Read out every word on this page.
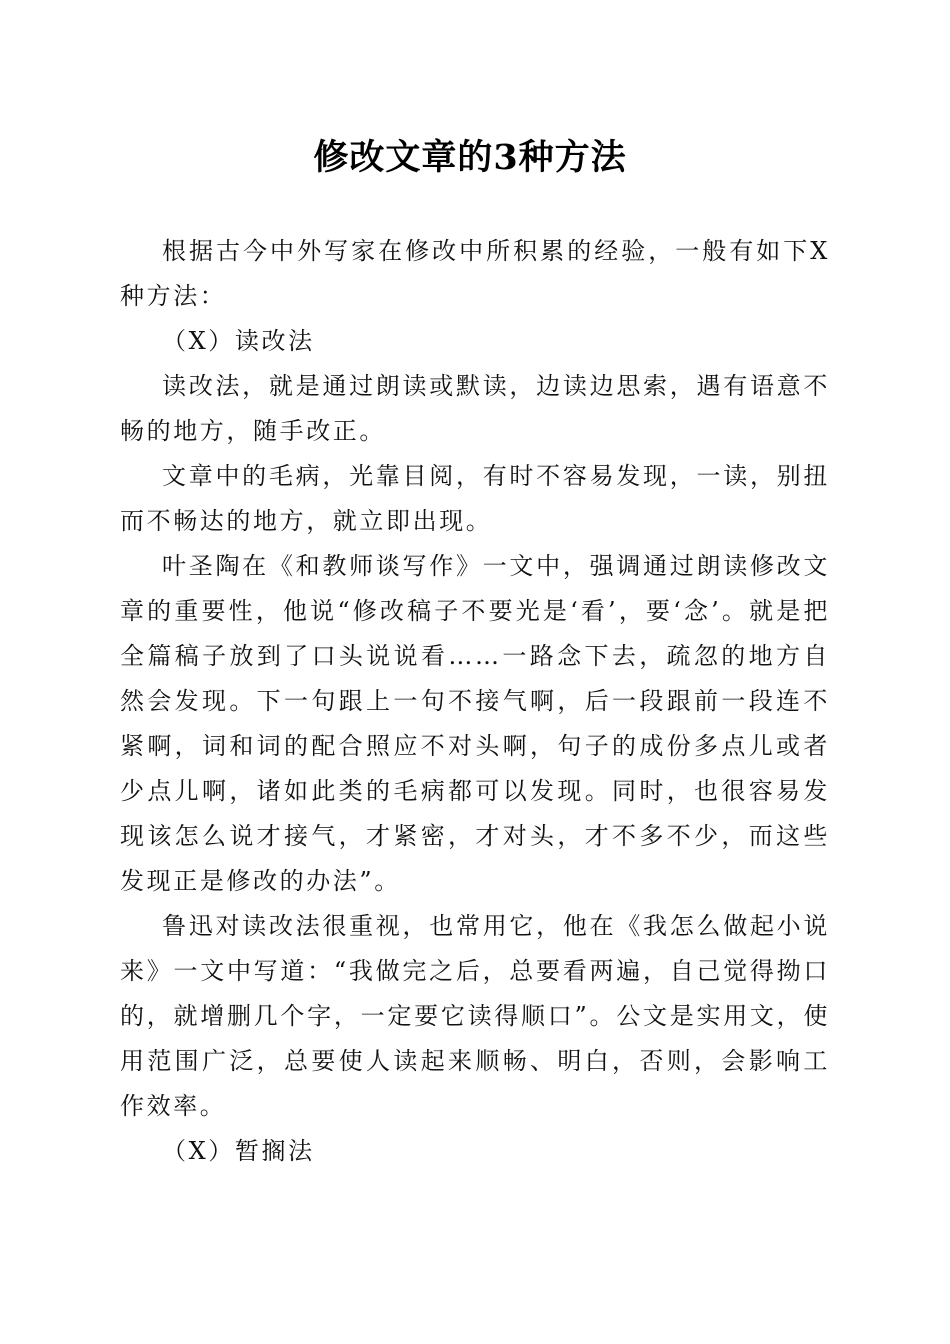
修改文章的3种方法

根据古今中外写家在修改中所积累的经验，一般有如下X种方法：

（X）读改法

读改法，就是通过朗读或默读，边读边思索，遇有语意不畅的地方，随手改正。

文章中的毛病，光靠目阅，有时不容易发现，一读，别扭而不畅达的地方，就立即出现。

叶圣陶在《和教师谈写作》一文中，强调通过朗读修改文章的重要性，他说“修改稿子不要光是‘看’，要‘念’。就是把全篇稿子放到了口头说说看……一路念下去，疏忽的地方自然会发现。下一句跟上一句不接气啊，后一段跟前一段连不紧啊，词和词的配合照应不对头啊，句子的成份多点儿或者少点儿啊，诸如此类的毛病都可以发现。同时，也很容易发现该怎么说才接气，才紧密，才对头，才不多不少，而这些发现正是修改的办法”。

鲁迅对读改法很重视，也常用它，他在《我怎么做起小说来》一文中写道：“我做完之后，总要看两遍，自己觉得拗口的，就增删几个字，一定要它读得顺口”。公文是实用文，使用范围广泛，总要使人读起来顺畅、明白，否则，会影响工作效率。

（X）暂搁法
